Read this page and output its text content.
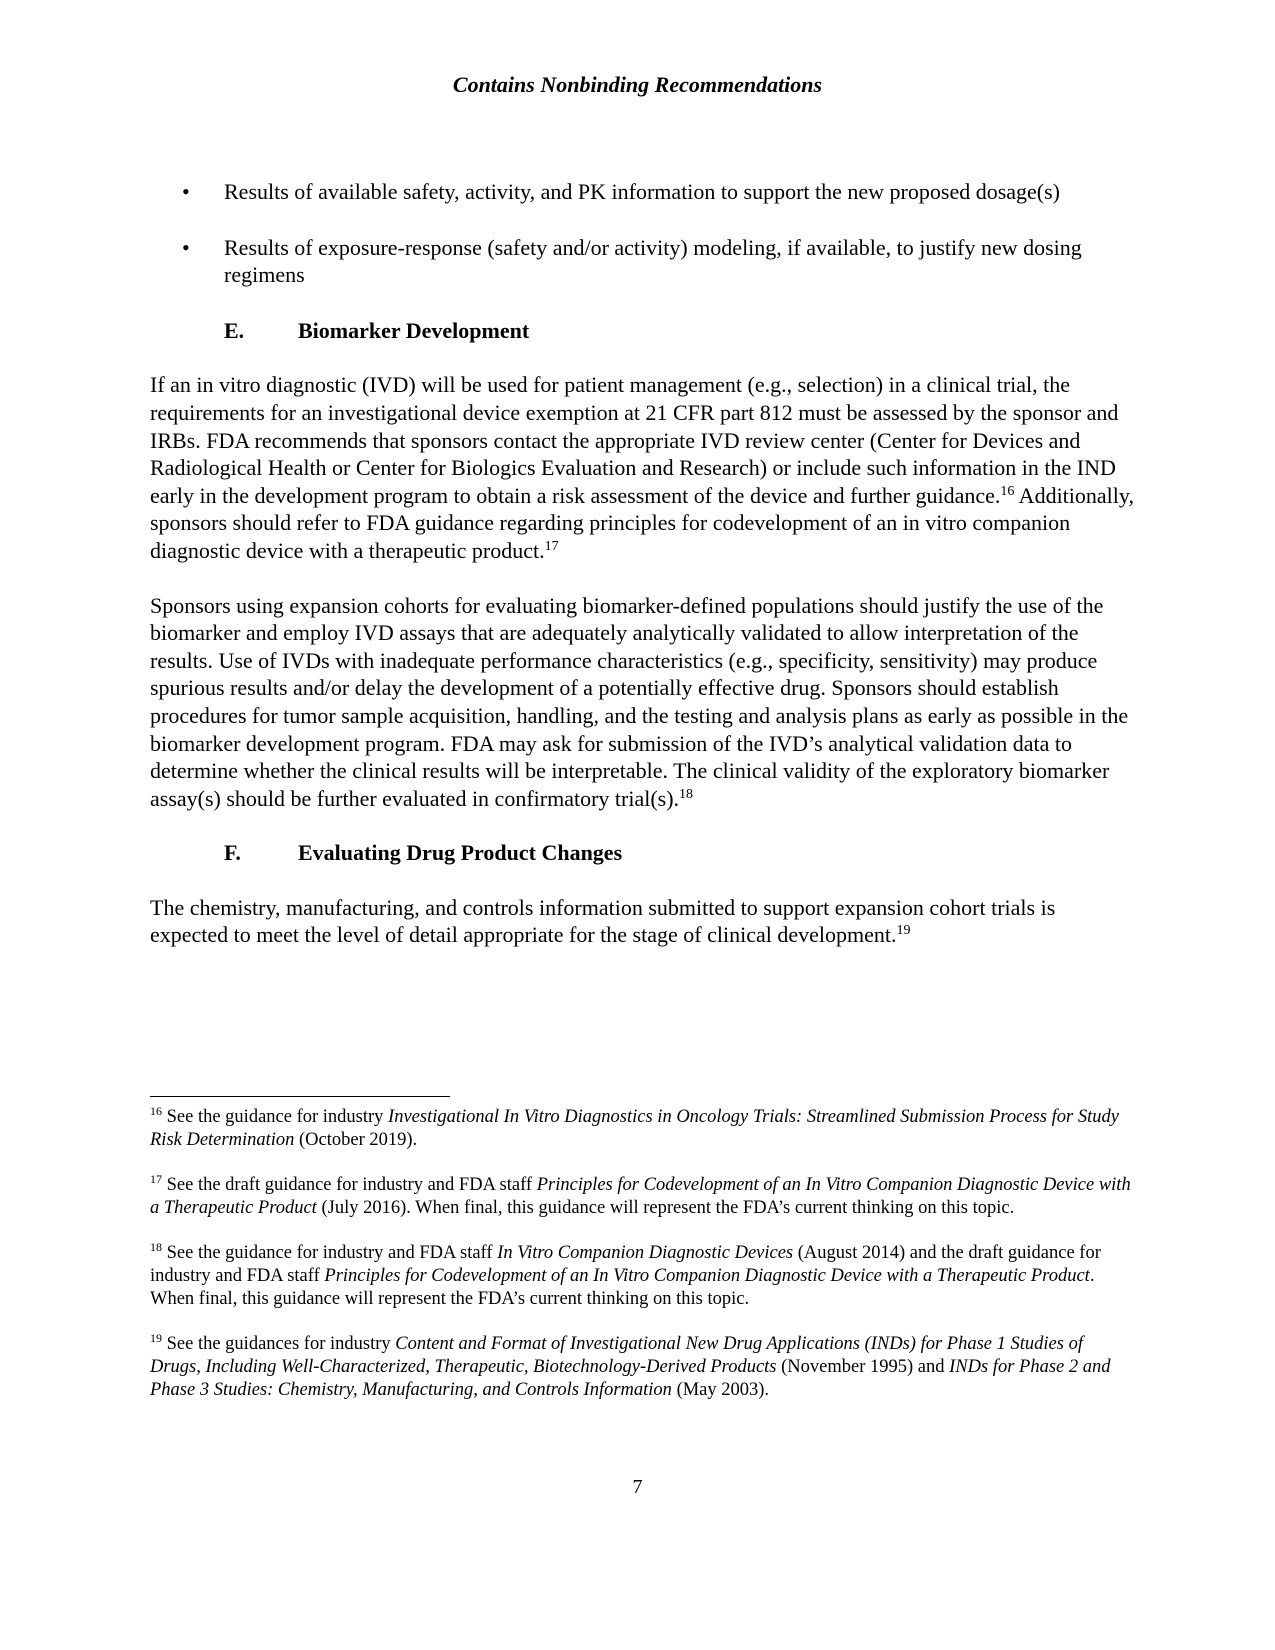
Contains Nonbinding Recommendations
• Results of available safety, activity, and PK information to support the new proposed dosage(s)
• Results of exposure-response (safety and/or activity) modeling, if available, to justify new dosing regimens
E. Biomarker Development

If an in vitro diagnostic (IVD) will be used for patient management (e.g., selection) in a clinical trial, the requirements for an investigational device exemption at 21 CFR part 812 must be assessed by the sponsor and IRBs. FDA recommends that sponsors contact the appropriate IVD review center (Center for Devices and Radiological Health or Center for Biologics Evaluation and Research) or include such information in the IND early in the development program to obtain a risk assessment of the device and further guidance.$^{16}$ Additionally, sponsors should refer to FDA guidance regarding principles for codevelopment of an in vitro companion diagnostic device with a therapeutic product.$^{17}$

Sponsors using expansion cohorts for evaluating biomarker-defined populations should justify the use of the biomarker and employ IVD assays that are adequately analytically validated to allow interpretation of the results. Use of IVDs with inadequate performance characteristics (e.g., specificity, sensitivity) may produce spurious results and/or delay the development of a potentially effective drug. Sponsors should establish procedures for tumor sample acquisition, handling, and the testing and analysis plans as early as possible in the biomarker development program. FDA may ask for submission of the IVD’s analytical validation data to determine whether the clinical results will be interpretable. The clinical validity of the exploratory biomarker assay(s) should be further evaluated in confirmatory trial(s).$^{18}$

F.	Evaluating Drug Product Changes

The chemistry, manufacturing, and controls information submitted to support expansion cohort trials is expected to meet the level of detail appropriate for the stage of clinical development.$^{19}$

$^{16}$ See the guidance for industry Investigational In Vitro Diagnostics in Oncology Trials: Streamlined Submission Process for Study Risk Determination (October 2019).
$^{17}$ See the draft guidance for industry and FDA staff Principles for Codevelopment of an In Vitro Companion Diagnostic Device with a Therapeutic Product (July 2016). When final, this guidance will represent the FDA’s current thinking on this topic.
$^{18}$ See the guidance for industry and FDA staff In Vitro Companion Diagnostic Devices (August 2014) and the draft guidance for industry and FDA staff Principles for Codevelopment of an In Vitro Companion Diagnostic Device with a Therapeutic Product. When final, this guidance will represent the FDA’s current thinking on this topic.
$^{19}$ See the guidances for industry Content and Format of Investigational New Drug Applications (INDs) for Phase 1 Studies of Drugs, Including Well-Characterized, Therapeutic, Biotechnology-Derived Products (November 1995) and INDs for Phase 2 and Phase 3 Studies: Chemistry, Manufacturing, and Controls Information (May 2003).
7
